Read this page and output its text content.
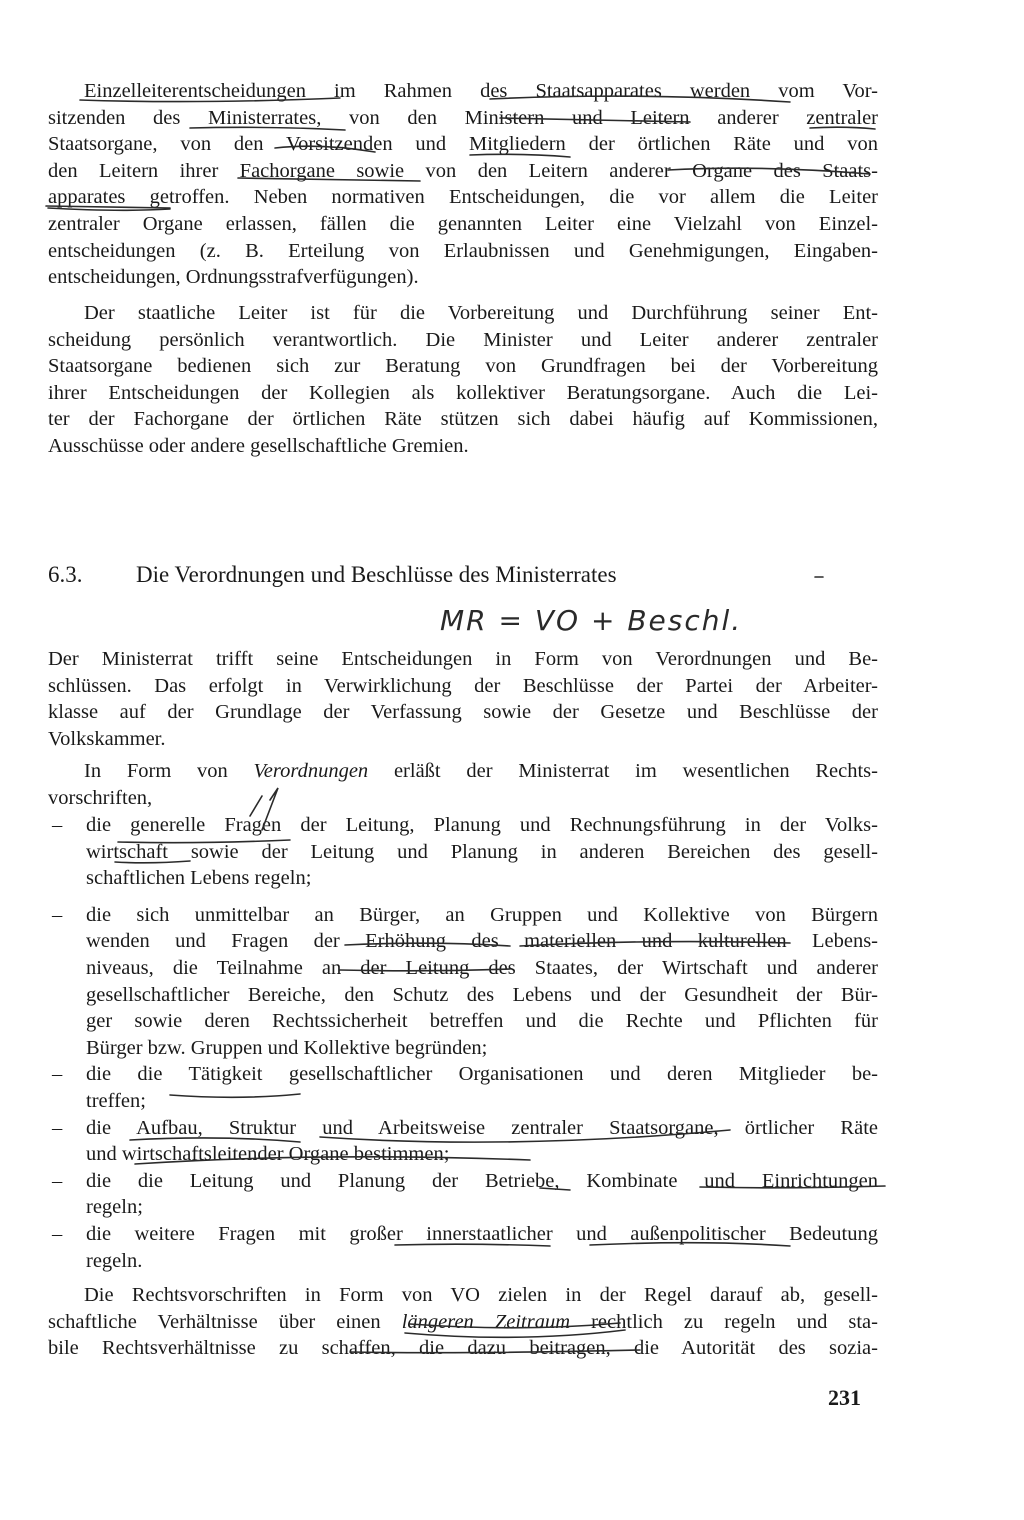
Einzelleiterentscheidungen im Rahmen des Staatsapparates werden vom Vor-
sitzenden des Ministerrates, von den Ministern und Leitern anderer zentraler
Staatsorgane, von den Vorsitzenden und Mitgliedern der örtlichen Räte und von
den Leitern ihrer Fachorgane sowie von den Leitern anderer Organe des Staats-
apparates getroffen. Neben normativen Entscheidungen, die vor allem die Leiter
zentraler Organe erlassen, fällen die genannten Leiter eine Vielzahl von Einzel-
entscheidungen (z. B. Erteilung von Erlaubnissen und Genehmigungen, Eingaben-
entscheidungen, Ordnungsstrafverfügungen).
Der staatliche Leiter ist für die Vorbereitung und Durchführung seiner Ent-
scheidung persönlich verantwortlich. Die Minister und Leiter anderer zentraler
Staatsorgane bedienen sich zur Beratung von Grundfragen bei der Vorbereitung
ihrer Entscheidungen der Kollegien als kollektiver Beratungsorgane. Auch die Lei-
ter der Fachorgane der örtlichen Räte stützen sich dabei häufig auf Kommissionen,
Ausschüsse oder andere gesellschaftliche Gremien.
6.3. Die Verordnungen und Beschlüsse des Ministerrates
MR = VO + Beschl.
Der Ministerrat trifft seine Entscheidungen in Form von Verordnungen und Be-
schlüssen. Das erfolgt in Verwirklichung der Beschlüsse der Partei der Arbeiter-
klasse auf der Grundlage der Verfassung sowie der Gesetze und Beschlüsse der
Volkskammer.
In Form von Verordnungen erläßt der Ministerrat im wesentlichen Rechts-
vorschriften,
– die generelle Fragen der Leitung, Planung und Rechnungsführung in der Volks-
wirtschaft sowie der Leitung und Planung in anderen Bereichen des gesell-
schaftlichen Lebens regeln;
– die sich unmittelbar an Bürger, an Gruppen und Kollektive von Bürgern
wenden und Fragen der Erhöhung des materiellen und kulturellen Lebens-
niveaus, die Teilnahme an der Leitung des Staates, der Wirtschaft und anderer
gesellschaftlicher Bereiche, den Schutz des Lebens und der Gesundheit der Bür-
ger sowie deren Rechtssicherheit betreffen und die Rechte und Pflichten für
Bürger bzw. Gruppen und Kollektive begründen;
– die die Tätigkeit gesellschaftlicher Organisationen und deren Mitglieder be-
treffen;
– die Aufbau, Struktur und Arbeitsweise zentraler Staatsorgane, örtlicher Räte
und wirtschaftsleitender Organe bestimmen;
– die die Leitung und Planung der Betriebe, Kombinate und Einrichtungen
regeln;
– die weitere Fragen mit großer innerstaatlicher und außenpolitischer Bedeutung
regeln.
Die Rechtsvorschriften in Form von VO zielen in der Regel darauf ab, gesell-
schaftliche Verhältnisse über einen längeren Zeitraum rechtlich zu regeln und sta-
bile Rechtsverhältnisse zu schaffen, die dazu beitragen, die Autorität des sozia-
231
